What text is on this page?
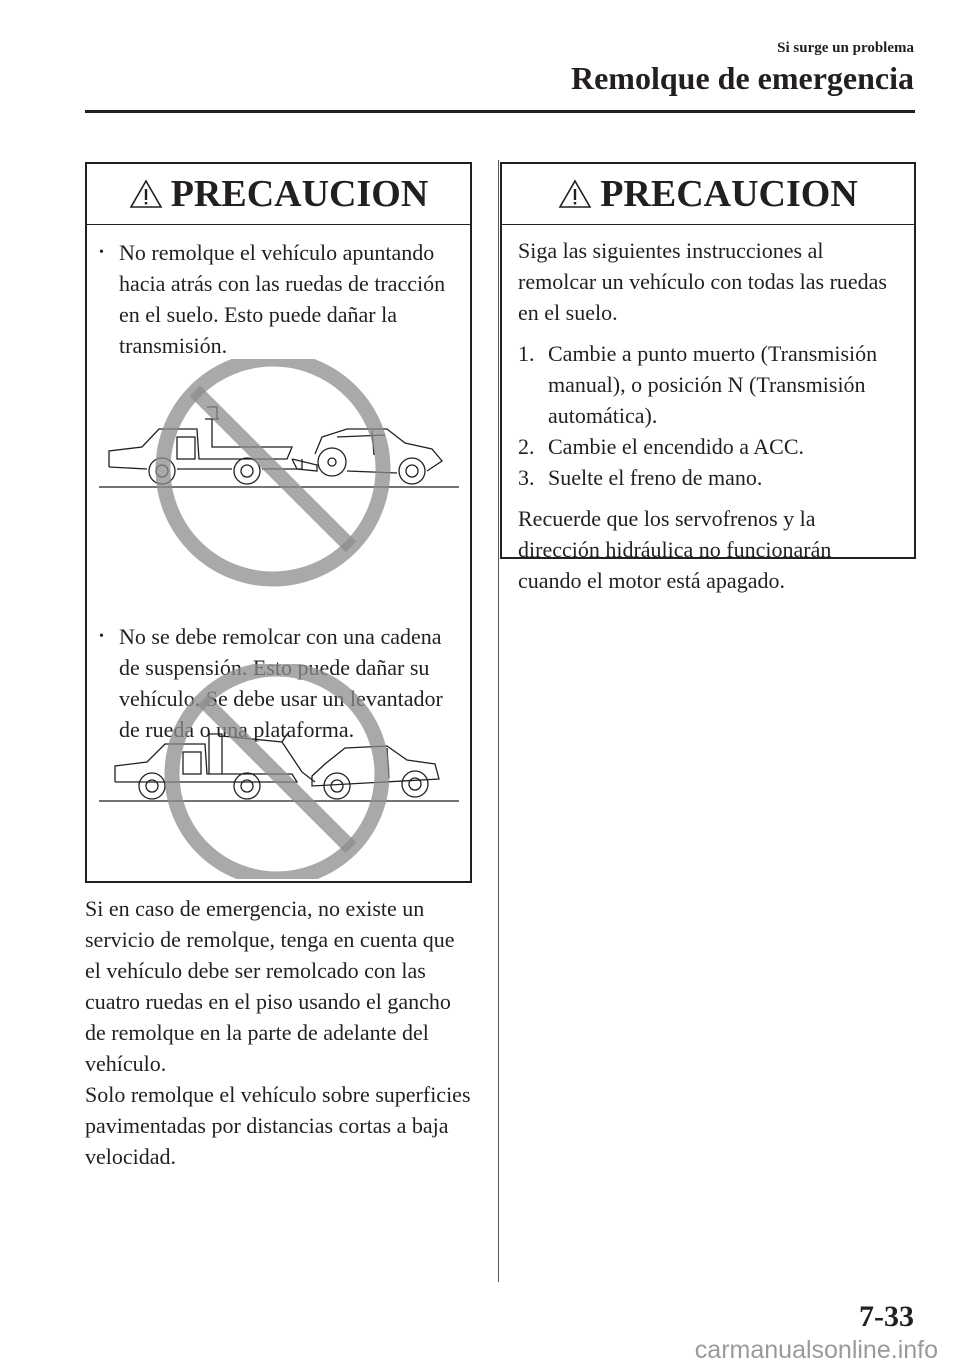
Si surge un problema
Remolque de emergencia
PRECAUCION
• No remolque el vehículo apuntando hacia atrás con las ruedas de tracción en el suelo. Esto puede dañar la transmisión.
• No se debe remolcar con una cadena de suspensión. Esto puede dañar su vehículo. Se debe usar un levantador de rueda o una plataforma.
Si en caso de emergencia, no existe un servicio de remolque, tenga en cuenta que el vehículo debe ser remolcado con las cuatro ruedas en el piso usando el gancho de remolque en la parte de adelante del vehículo.
Solo remolque el vehículo sobre superficies pavimentadas por distancias cortas a baja velocidad.
PRECAUCION
Siga las siguientes instrucciones al remolcar un vehículo con todas las ruedas en el suelo.
1. Cambie a punto muerto (Transmisión manual), o posición N (Transmisión automática).
2. Cambie el encendido a ACC.
3. Suelte el freno de mano.
Recuerde que los servofrenos y la dirección hidráulica no funcionarán cuando el motor está apagado.
7-33
carmanualsonline.info
